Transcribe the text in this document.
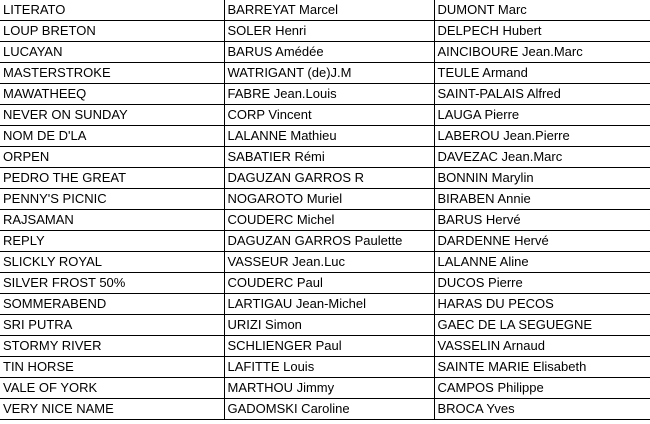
LITERATO	BARREYAT Marcel	DUMONT Marc
LOUP BRETON	SOLER Henri	DELPECH Hubert
LUCAYAN	BARUS Amédée	AINCIBOURE Jean.Marc
MASTERSTROKE	WATRIGANT (de)J.M	TEULE Armand
MAWATHEEQ	FABRE Jean.Louis	SAINT-PALAIS Alfred
NEVER ON SUNDAY	CORP Vincent	LAUGA Pierre
NOM DE D'LA	LALANNE Mathieu	LABEROU Jean.Pierre
ORPEN	SABATIER Rémi	DAVEZAC Jean.Marc
PEDRO THE GREAT	DAGUZAN GARROS R	BONNIN Marylin
PENNY'S PICNIC	NOGAROTO Muriel	BIRABEN Annie
RAJSAMAN	COUDERC Michel	BARUS Hervé
REPLY	DAGUZAN GARROS Paulette	DARDENNE Hervé
SLICKLY ROYAL	VASSEUR Jean.Luc	LALANNE Aline
SILVER FROST 50%	COUDERC Paul	DUCOS Pierre
SOMMERABEND	LARTIGAU Jean-Michel	HARAS DU PECOS
SRI PUTRA	URIZI Simon	GAEC DE LA SEGUEGNE
STORMY RIVER	SCHLIENGER Paul	VASSELIN Arnaud
TIN HORSE	LAFITTE Louis	SAINTE MARIE Elisabeth
VALE OF YORK	MARTHOU Jimmy	CAMPOS Philippe
VERY NICE NAME	GADOMSKI Caroline	BROCA Yves
